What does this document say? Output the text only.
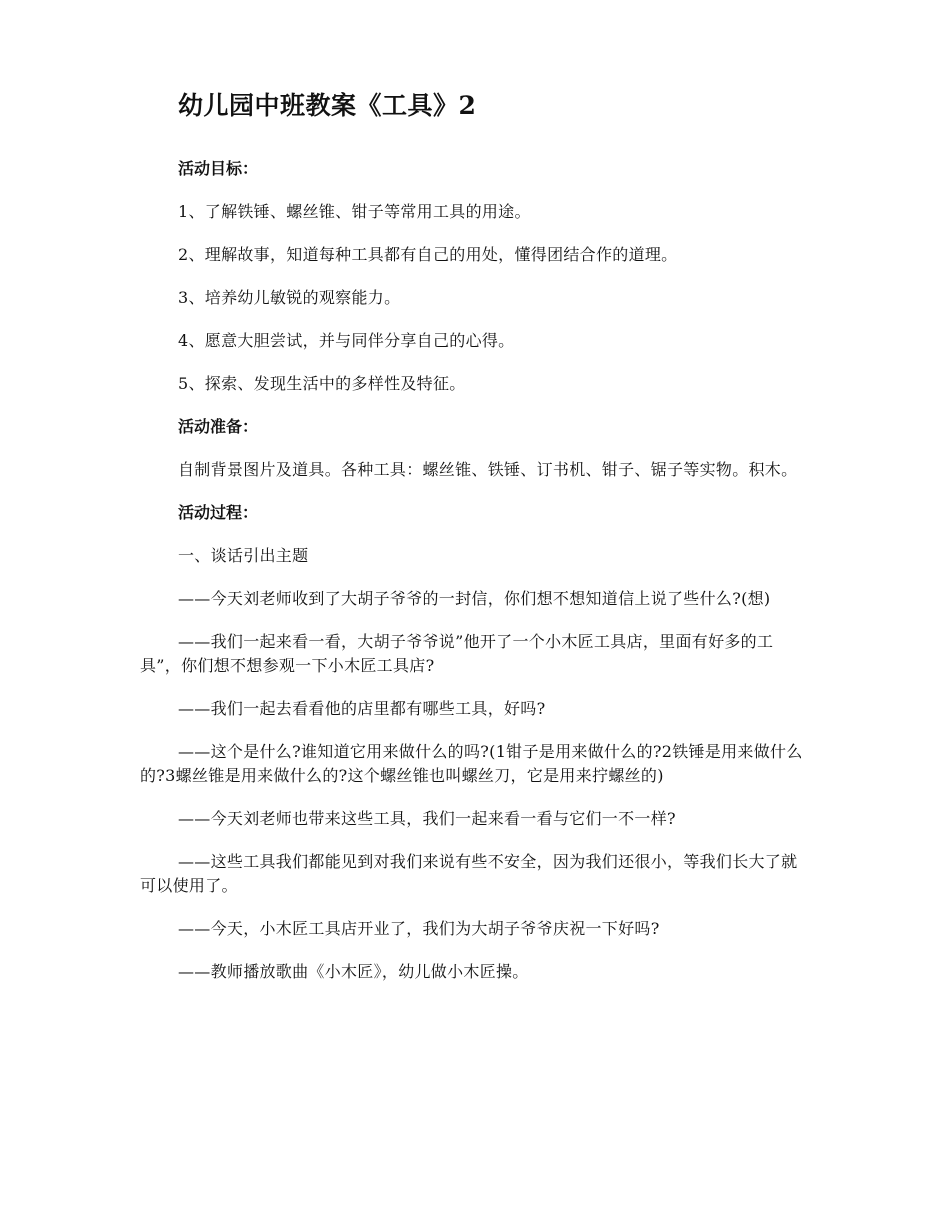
幼儿园中班教案《工具》2

活动目标：

1、了解铁锤、螺丝锥、钳子等常用工具的用途。

2、理解故事，知道每种工具都有自己的用处，懂得团结合作的道理。

3、培养幼儿敏锐的观察能力。

4、愿意大胆尝试，并与同伴分享自己的心得。

5、探索、发现生活中的多样性及特征。

活动准备：

自制背景图片及道具。各种工具：螺丝锥、铁锤、订书机、钳子、锯子等实物。积木。

活动过程：

一、谈话引出主题

——今天刘老师收到了大胡子爷爷的一封信，你们想不想知道信上说了些什么?(想)

——我们一起来看一看，大胡子爷爷说”他开了一个小木匠工具店，里面有好多的工具”，你们想不想参观一下小木匠工具店?

——我们一起去看看他的店里都有哪些工具，好吗?

——这个是什么?谁知道它用来做什么的吗?(1钳子是用来做什么的?2铁锤是用来做什么的?3螺丝锥是用来做什么的?这个螺丝锥也叫螺丝刀，它是用来拧螺丝的)

——今天刘老师也带来这些工具，我们一起来看一看与它们一不一样?

——这些工具我们都能见到对我们来说有些不安全，因为我们还很小，等我们长大了就可以使用了。

——今天，小木匠工具店开业了，我们为大胡子爷爷庆祝一下好吗?

——教师播放歌曲《小木匠》，幼儿做小木匠操。
